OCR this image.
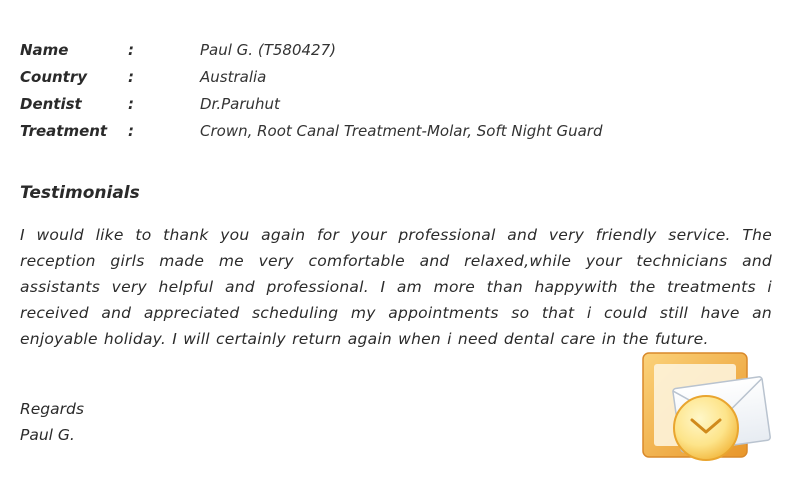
Name	:	Paul G. (T580427)
Country	:	Australia
Dentist	:	Dr.Paruhut
Treatment	:	Crown, Root Canal Treatment-Molar, Soft Night Guard
Testimonials
I would like to thank you again for your professional and very friendly service. The reception girls made me very comfortable and relaxed,while your technicians and assistants very helpful and professional. I am more than happywith the treatments i received and appreciated scheduling my appointments so that i could still have an enjoyable holiday. I will certainly return again when i need dental care in the future.
Regards
Paul G.
